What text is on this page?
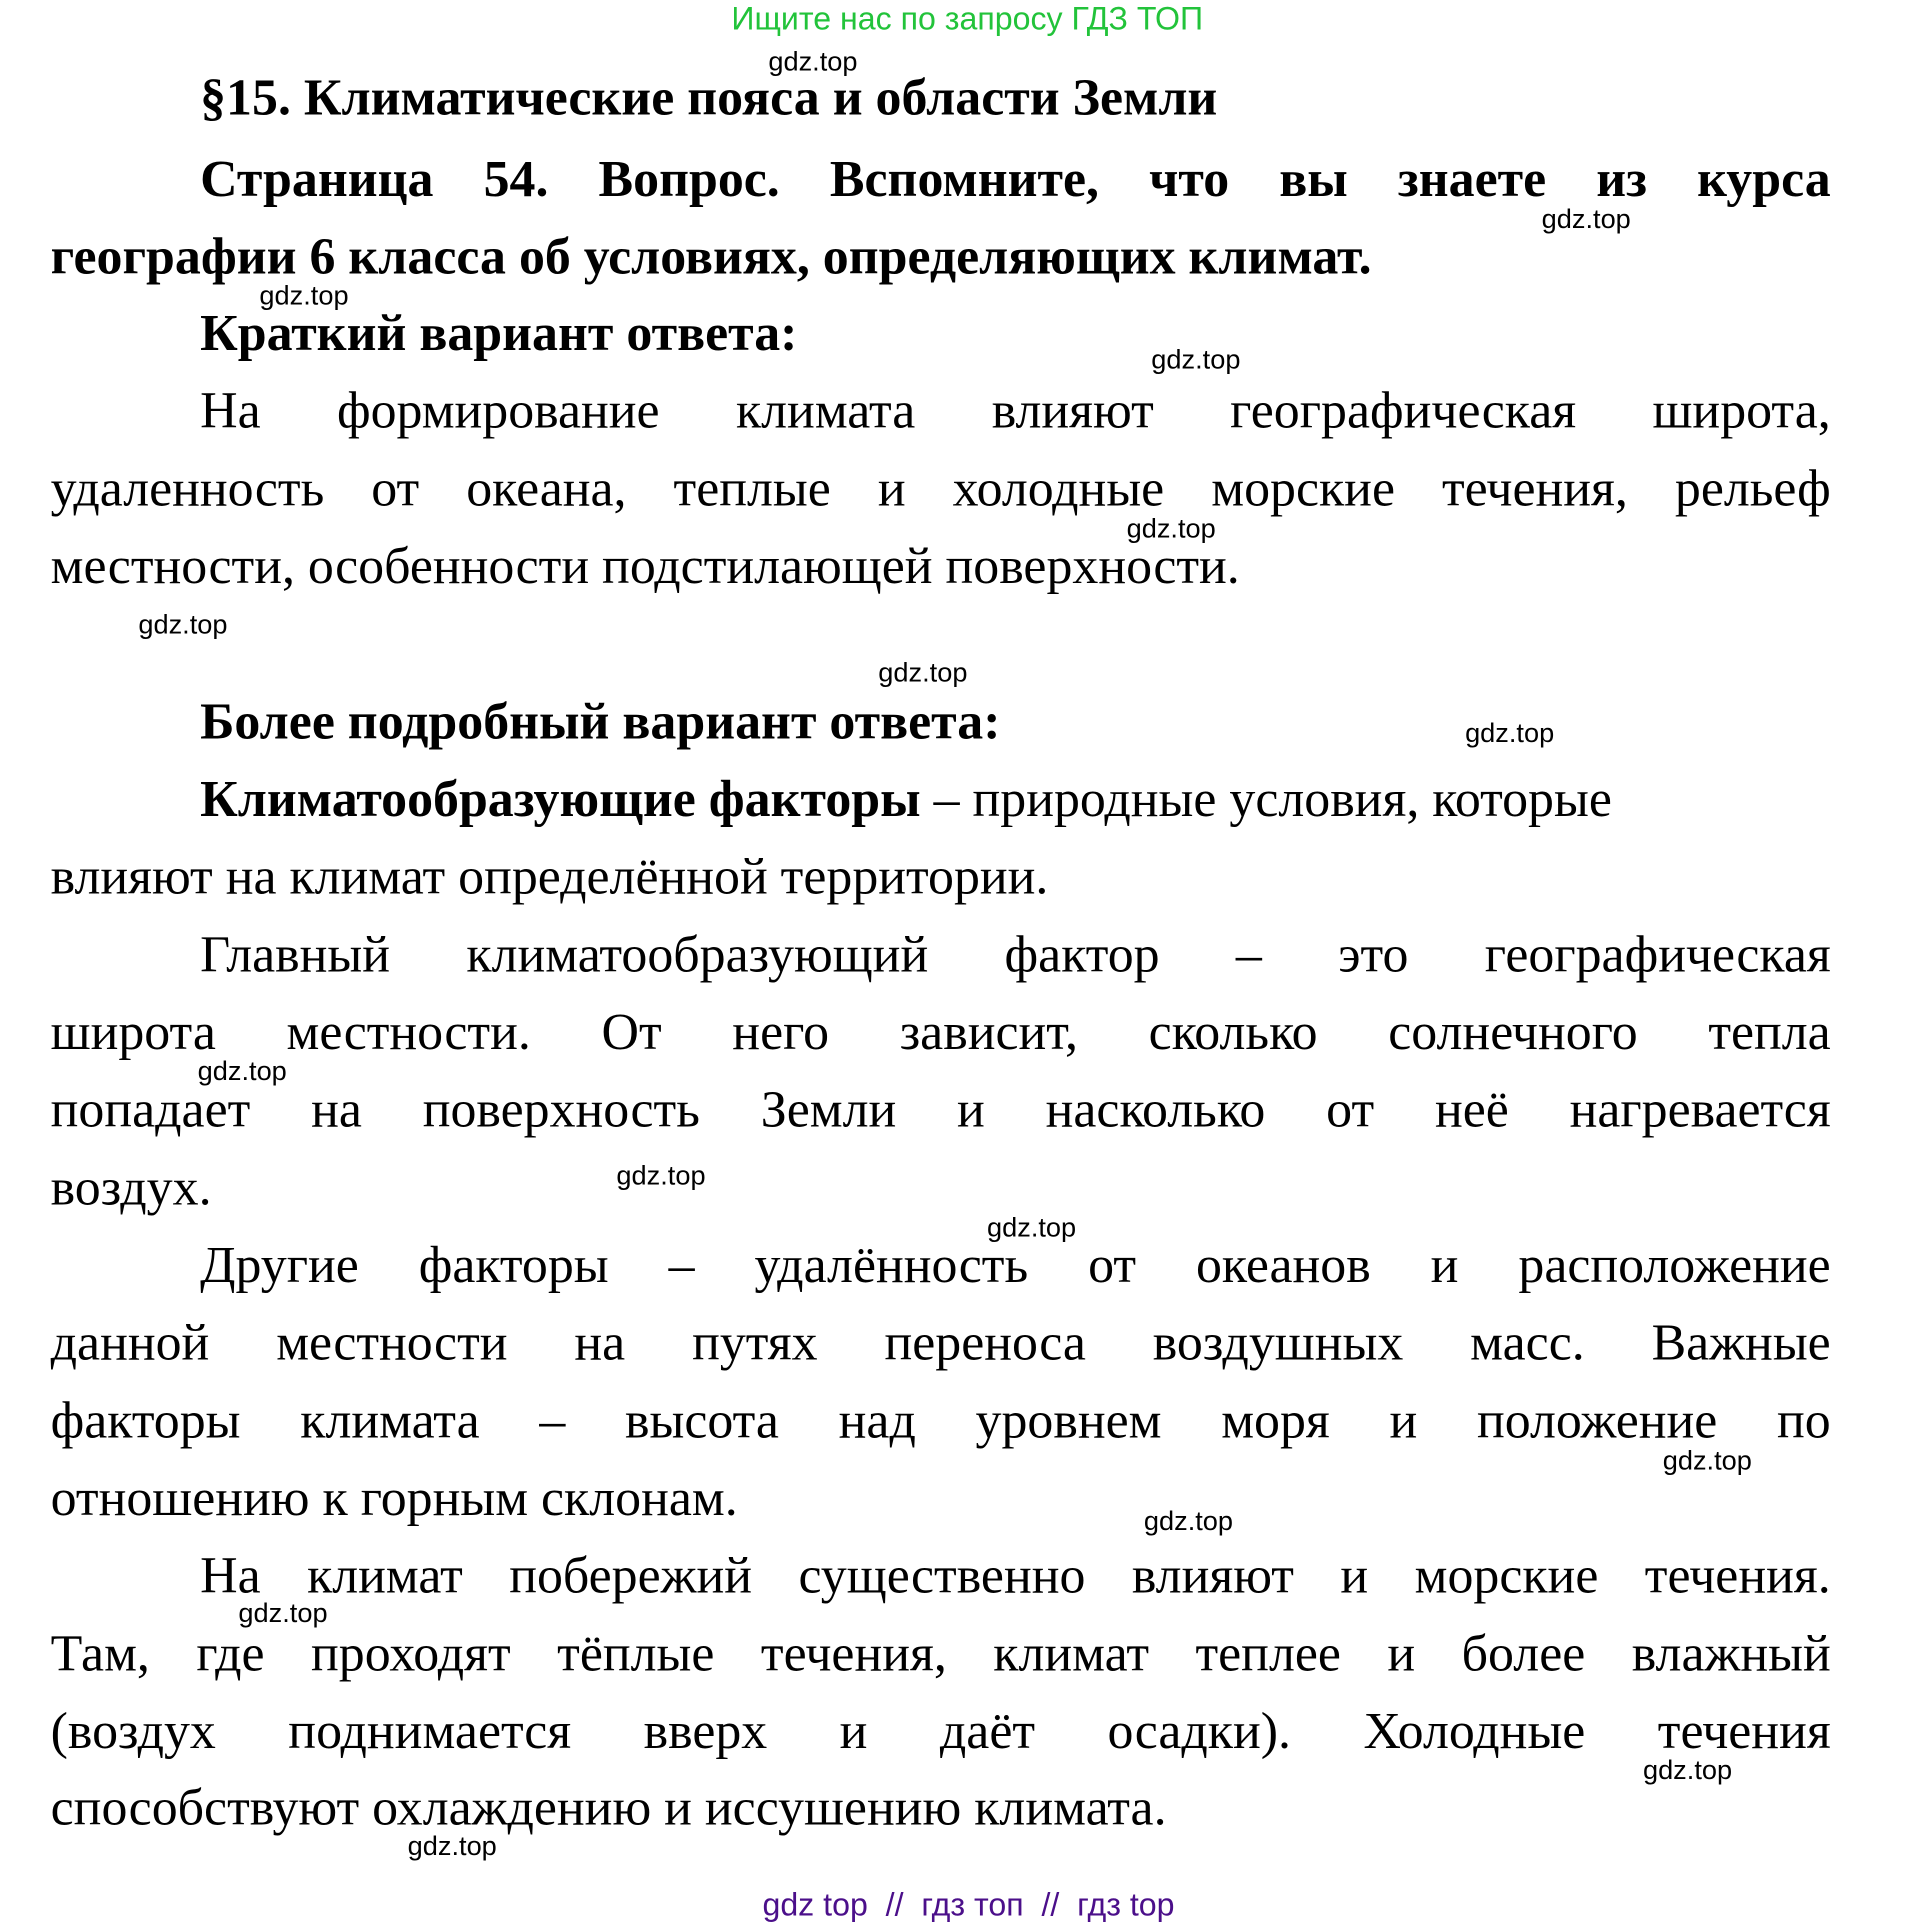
Ищите нас по запросу ГДЗ ТОП
§15. Климатические пояса и области Земли
Страница 54. Вопрос. Вспомните, что вы знаете из курса
географии 6 класса об условиях, определяющих климат.
Краткий вариант ответа:
На формирование климата влияют географическая широта,
удаленность от океана, теплые и холодные морские течения, рельеф
местности, особенности подстилающей поверхности.
Более подробный вариант ответа:
Климатообразующие факторы – природные условия, которые
влияют на климат определённой территории.
Главный климатообразующий фактор – это географическая
широта местности. От него зависит, сколько солнечного тепла
попадает на поверхность Земли и насколько от неё нагревается
воздух.
Другие факторы – удалённость от океанов и расположение
данной местности на путях переноса воздушных масс. Важные
факторы климата – высота над уровнем моря и положение по
отношению к горным склонам.
На климат побережий существенно влияют и морские течения.
Там, где проходят тёплые течения, климат теплее и более влажный
(воздух поднимается вверх и даёт осадки). Холодные течения
способствуют охлаждению и иссушению климата.
gdz.top
gdz.top
gdz.top
gdz.top
gdz.top
gdz.top
gdz.top
gdz.top
gdz.top
gdz.top
gdz.top
gdz.top
gdz.top
gdz.top
gdz.top
gdz.top
gdz top  //  гдз топ  //  гдз top
